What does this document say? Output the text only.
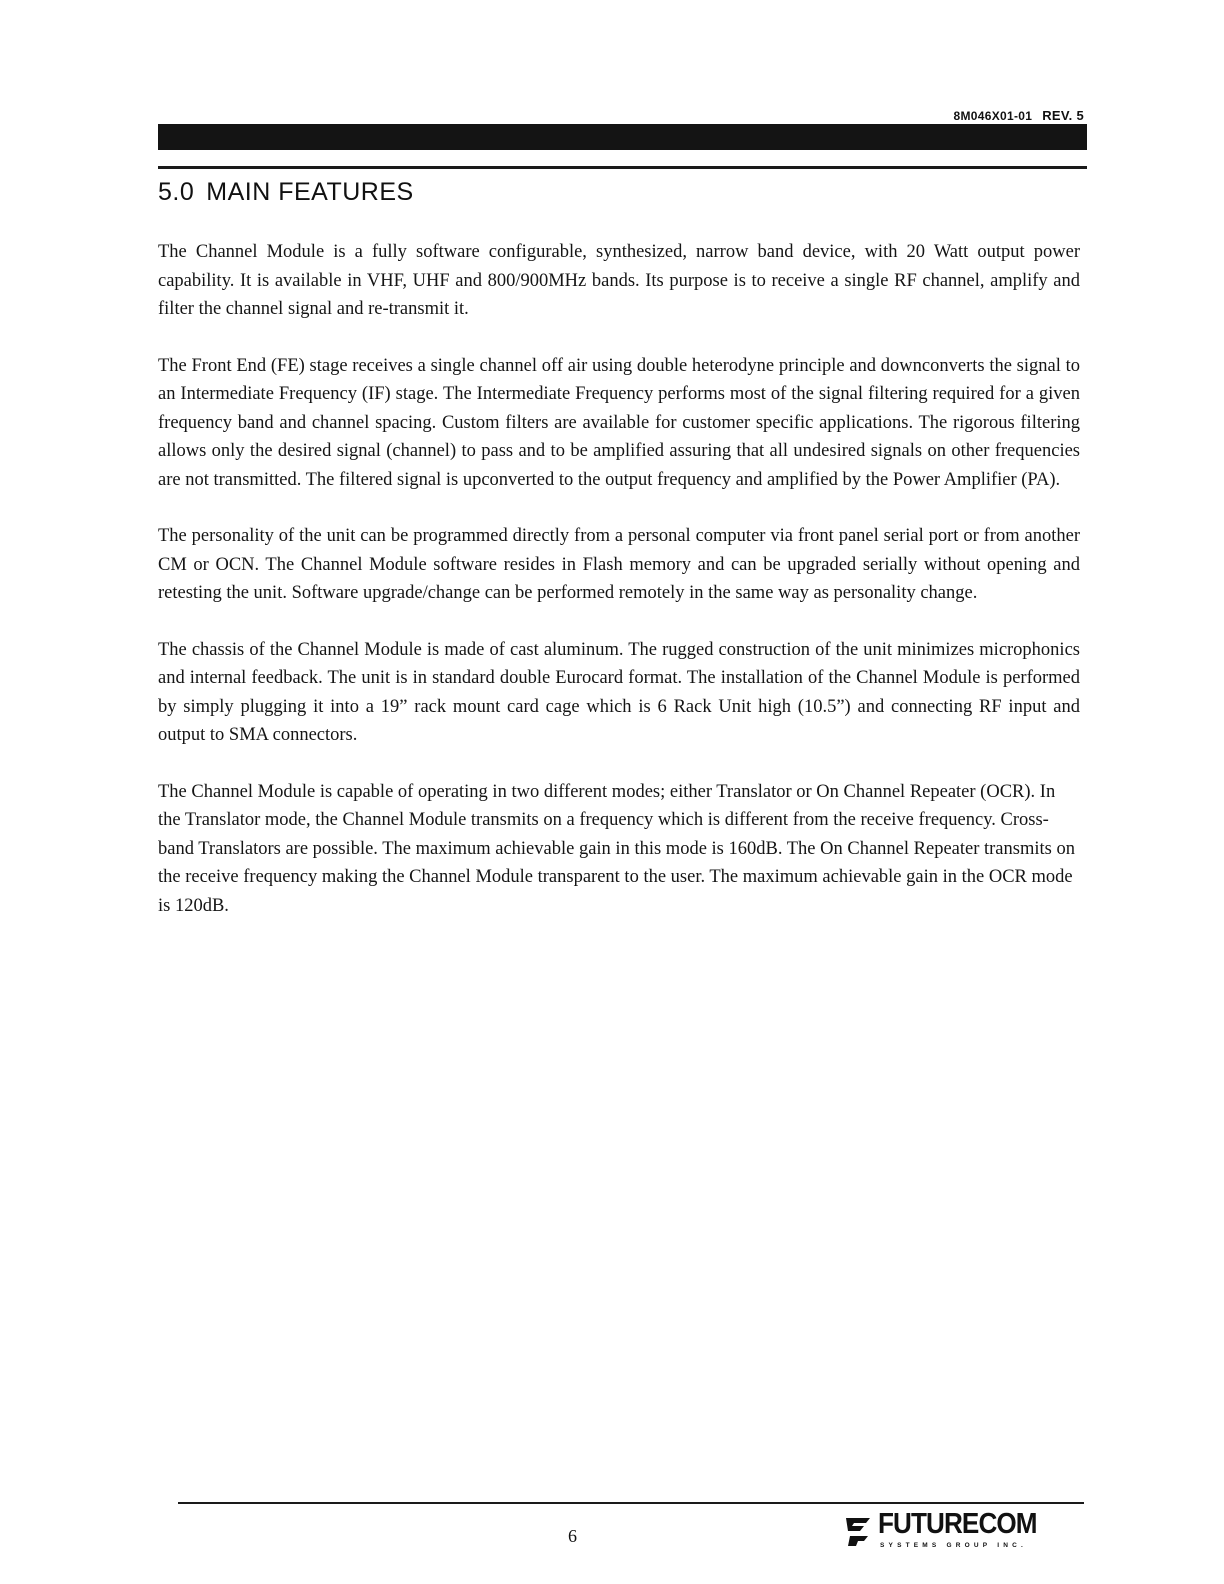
8M046X01-01 REV. 5
5.0 MAIN FEATURES

The Channel Module is a fully software configurable, synthesized, narrow band device, with 20 Watt output power capability. It is available in VHF, UHF and 800/900MHz bands. Its purpose is to receive a single RF channel, amplify and filter the channel signal and re-transmit it.

The Front End (FE) stage receives a single channel off air using double heterodyne principle and downconverts the signal to an Intermediate Frequency (IF) stage. The Intermediate Frequency performs most of the signal filtering required for a given frequency band and channel spacing. Custom filters are available for customer specific applications. The rigorous filtering allows only the desired signal (channel) to pass and to be amplified assuring that all undesired signals on other frequencies are not transmitted. The filtered signal is upconverted to the output frequency and amplified by the Power Amplifier (PA).

The personality of the unit can be programmed directly from a personal computer via front panel serial port or from another CM or OCN. The Channel Module software resides in Flash memory and can be upgraded serially without opening and retesting the unit. Software upgrade/change can be performed remotely in the same way as personality change.

The chassis of the Channel Module is made of cast aluminum. The rugged construction of the unit minimizes microphonics and internal feedback. The unit is in standard double Eurocard format. The installation of the Channel Module is performed by simply plugging it into a 19” rack mount card cage which is 6 Rack Unit high (10.5”) and connecting RF input and output to SMA connectors.

The Channel Module is capable of operating in two different modes; either Translator or On Channel Repeater (OCR). In the Translator mode, the Channel Module transmits on a frequency which is different from the receive frequency. Cross-band Translators are possible. The maximum achievable gain in this mode is 160dB. The On Channel Repeater transmits on the receive frequency making the Channel Module transparent to the user. The maximum achievable gain in the OCR mode is 120dB.

6	FUTURECOM
SYSTEMS GROUP INC.
